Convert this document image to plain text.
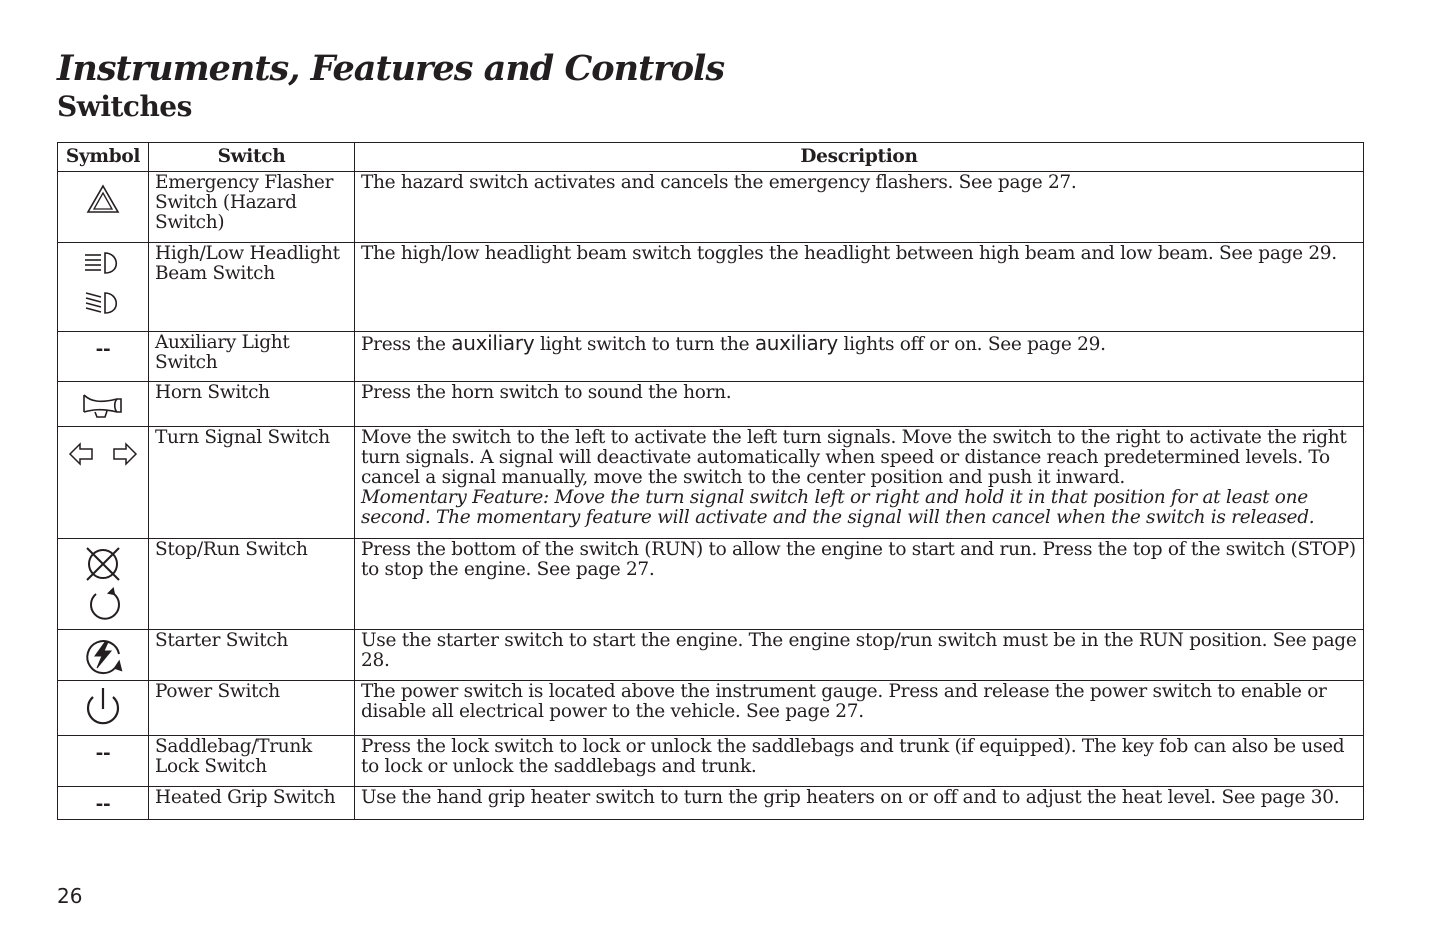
Instruments, Features and Controls
Switches
Symbol	Switch	Description

	Emergency Flasher Switch (Hazard Switch)	The hazard switch activates and cancels the emergency flashers. See page 27.

	High/Low Headlight Beam Switch	The high/low headlight beam switch toggles the headlight between high beam and low beam. See page 29.

--	Auxiliary Light Switch	Press the auxiliary light switch to turn the auxiliary lights off or on. See page 29.

	Horn Switch	Press the horn switch to sound the horn.

	Turn Signal Switch	Move the switch to the left to activate the left turn signals. Move the switch to the right to activate the right turn signals. A signal will deactivate automatically when speed or distance reach predetermined levels. To cancel a signal manually, move the switch to the center position and push it inward.
Momentary Feature: Move the turn signal switch left or right and hold it in that position for at least one second. The momentary feature will activate and the signal will then cancel when the switch is released.

	Stop/Run Switch	Press the bottom of the switch (RUN) to allow the engine to start and run. Press the top of the switch (STOP) to stop the engine. See page 27.

	Starter Switch	Use the starter switch to start the engine. The engine stop/run switch must be in the RUN position. See page 28.

	Power Switch	The power switch is located above the instrument gauge. Press and release the power switch to enable or disable all electrical power to the vehicle. See page 27.

--	Saddlebag/Trunk Lock Switch	Press the lock switch to lock or unlock the saddlebags and trunk (if equipped). The key fob can also be used to lock or unlock the saddlebags and trunk.

--	Heated Grip Switch	Use the hand grip heater switch to turn the grip heaters on or off and to adjust the heat level. See page 30.
26
